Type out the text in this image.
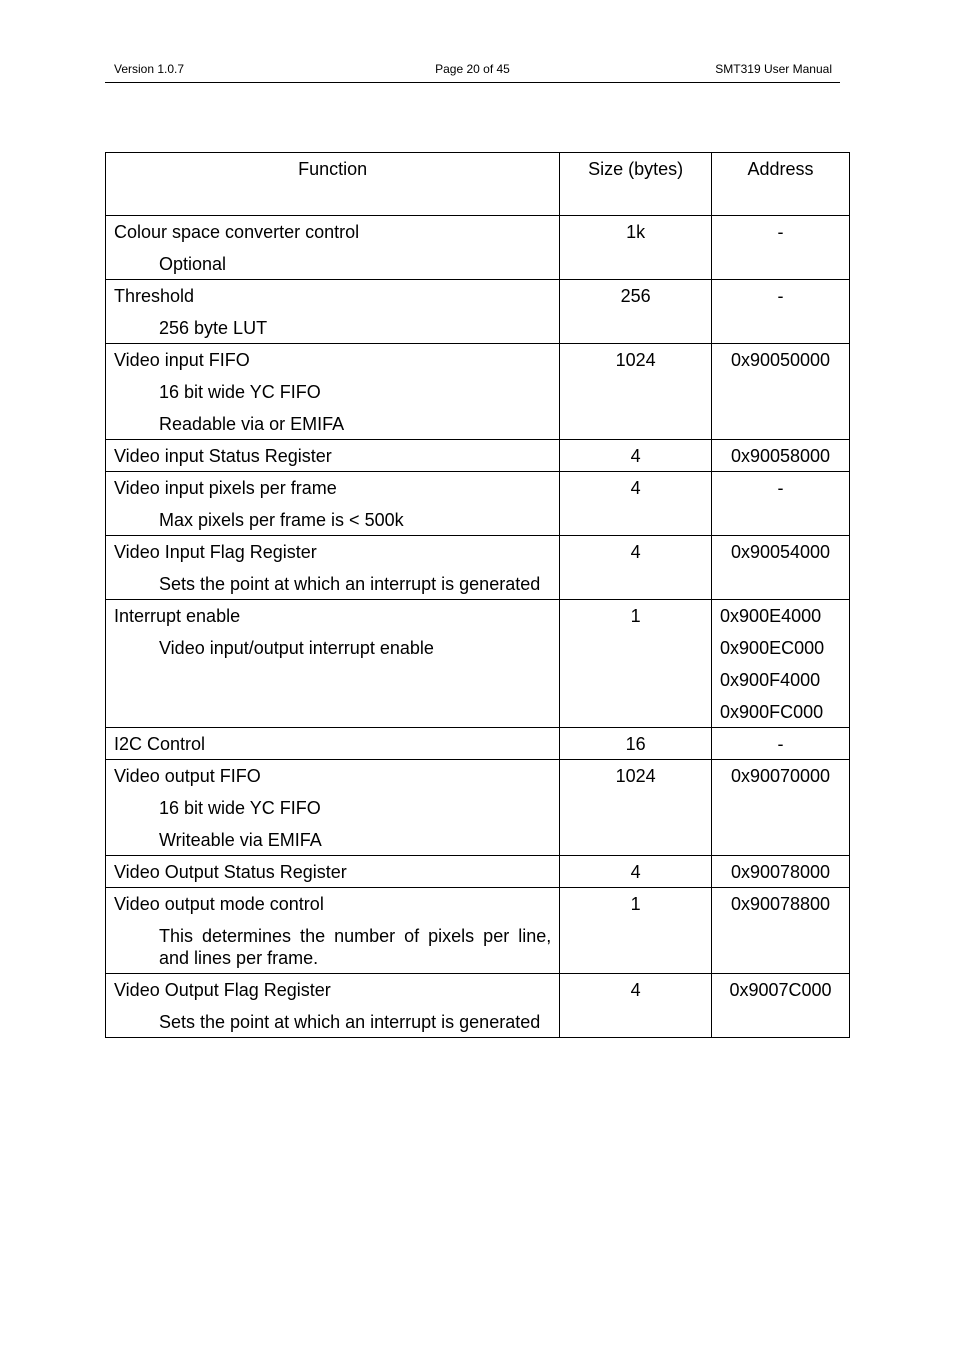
Version 1.0.7	Page 20 of 45	SMT319 User Manual
Function	Size (bytes)	Address

Colour space converter control
Optional	1k	-

Threshold
256 byte LUT	256	-

Video input FIFO
16 bit wide YC FIFO
Readable via or EMIFA	1024	0x90050000

Video input Status Register	4	0x90058000

Video input pixels per frame
Max pixels per frame is < 500k	4	-

Video Input Flag Register
Sets the point at which an interrupt is generated	4	0x90054000

Interrupt enable
Video input/output interrupt enable	1	0x900E4000
0x900EC000
0x900F4000
0x900FC000

I2C Control	16	-

Video output FIFO
16 bit wide YC FIFO
Writeable via EMIFA	1024	0x90070000

Video Output Status Register	4	0x90078000

Video output mode control
This determines the number of pixels per line, and lines per frame.	1	0x90078800

Video Output Flag Register
Sets the point at which an interrupt is generated	4	0x9007C000
